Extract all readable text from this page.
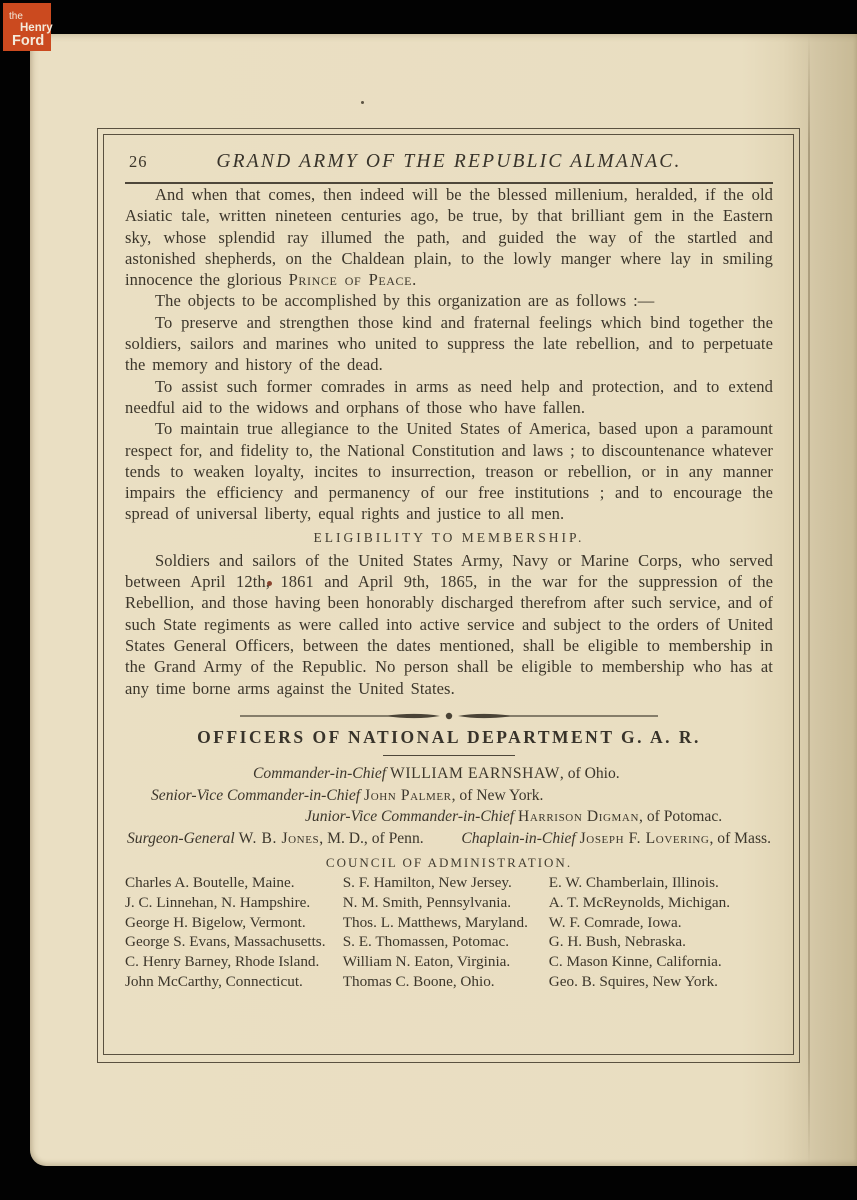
26	GRAND ARMY OF THE REPUBLIC ALMANAC.

And when that comes, then indeed will be the blessed millenium, heralded, if the old Asiatic tale, written nineteen centuries ago, be true, by that brilliant gem in the Eastern sky, whose splendid ray illumed the path, and guided the way of the startled and astonished shepherds, on the Chaldean plain, to the lowly manger where lay in smiling innocence the glorious Prince of Peace.

The objects to be accomplished by this organization are as follows :—

To preserve and strengthen those kind and fraternal feelings which bind together the soldiers, sailors and marines who united to suppress the late rebellion, and to perpetuate the memory and history of the dead.

To assist such former comrades in arms as need help and protection, and to extend needful aid to the widows and orphans of those who have fallen.

To maintain true allegiance to the United States of America, based upon a paramount respect for, and fidelity to, the National Constitution and laws ; to discountenance whatever tends to weaken loyalty, incites to insurrection, treason or rebellion, or in any manner impairs the efficiency and permanency of our free institutions ; and to encourage the spread of universal liberty, equal rights and justice to all men.

ELIGIBILITY TO MEMBERSHIP.

Soldiers and sailors of the United States Army, Navy or Marine Corps, who served between April 12th, 1861 and April 9th, 1865, in the war for the suppression of the Rebellion, and those having been honorably discharged therefrom after such service, and of such State regiments as were called into active service and subject to the orders of United States General Officers, between the dates mentioned, shall be eligible to membership in the Grand Army of the Republic. No person shall be eligible to membership who has at any time borne arms against the United States.

OFFICERS OF NATIONAL DEPARTMENT G. A. R.
Commander-in-Chief WILLIAM EARNSHAW, of Ohio.
Senior-Vice Commander-in-Chief John Palmer, of New York.
Junior-Vice Commander-in-Chief Harrison Digman, of Potomac.
Surgeon-General W. B. Jones, M. D., of Penn. Chaplain-in-Chief Joseph F. Lovering, of Mass.
COUNCIL OF ADMINISTRATION.
Charles A. Boutelle, Maine.
J. C. Linnehan, N. Hampshire.
George H. Bigelow, Vermont.
George S. Evans, Massachusetts.
C. Henry Barney, Rhode Island.
John McCarthy, Connecticut.
S. F. Hamilton, New Jersey.
N. M. Smith, Pennsylvania.
Thos. L. Matthews, Maryland.
S. E. Thomassen, Potomac.
William N. Eaton, Virginia.
Thomas C. Boone, Ohio.
E. W. Chamberlain, Illinois.
A. T. McReynolds, Michigan.
W. F. Comrade, Iowa.
G. H. Bush, Nebraska.
C. Mason Kinne, California.
Geo. B. Squires, New York.
the
Henry
Ford
